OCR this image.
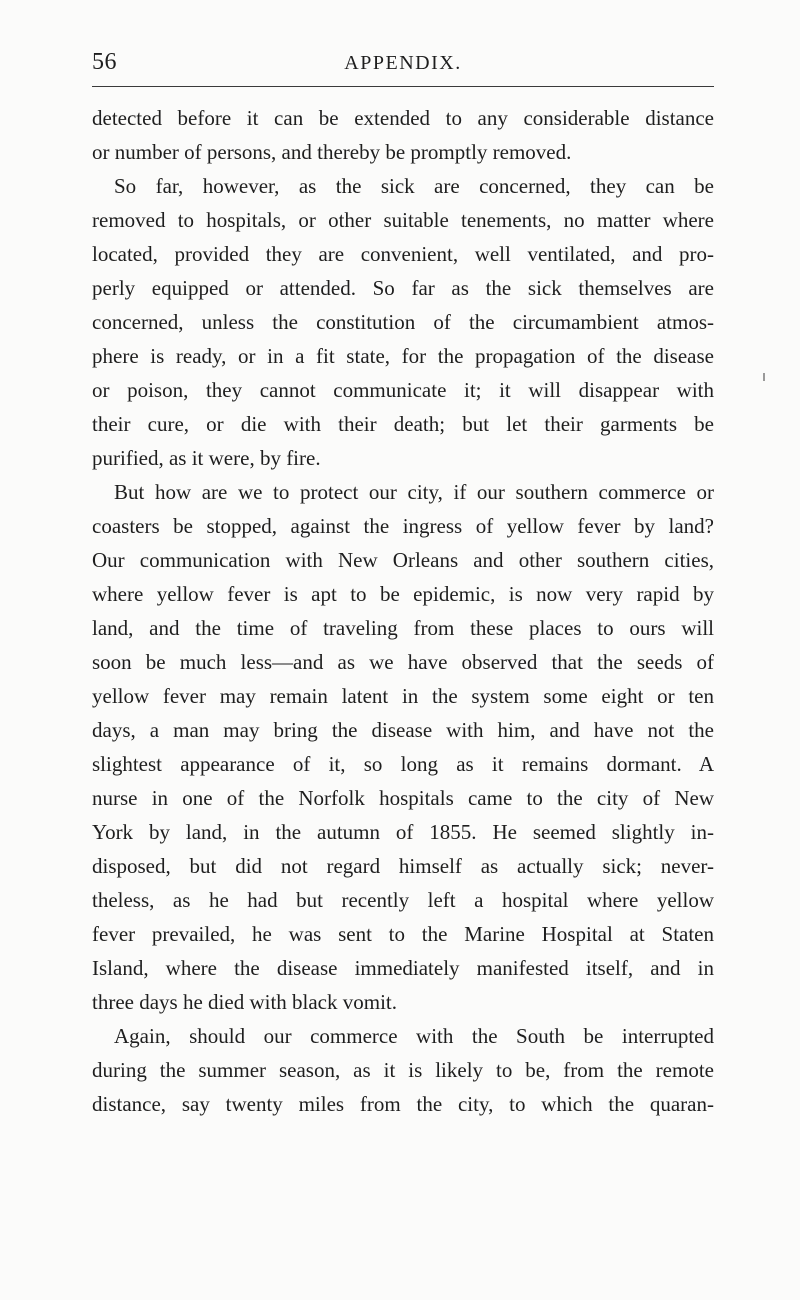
56	APPENDIX.
detected before it can be extended to any considerable distance
or number of persons, and thereby be promptly removed.
So far, however, as the sick are concerned, they can be
removed to hospitals, or other suitable tenements, no matter where
located, provided they are convenient, well ventilated, and pro-
perly equipped or attended. So far as the sick themselves are
concerned, unless the constitution of the circumambient atmos-
phere is ready, or in a fit state, for the propagation of the disease
or poison, they cannot communicate it; it will disappear with
their cure, or die with their death; but let their garments be
purified, as it were, by fire.
But how are we to protect our city, if our southern commerce or
coasters be stopped, against the ingress of yellow fever by land?
Our communication with New Orleans and other southern cities,
where yellow fever is apt to be epidemic, is now very rapid by
land, and the time of traveling from these places to ours will
soon be much less—and as we have observed that the seeds of
yellow fever may remain latent in the system some eight or ten
days, a man may bring the disease with him, and have not the
slightest appearance of it, so long as it remains dormant. A
nurse in one of the Norfolk hospitals came to the city of New
York by land, in the autumn of 1855. He seemed slightly in-
disposed, but did not regard himself as actually sick; never-
theless, as he had but recently left a hospital where yellow
fever prevailed, he was sent to the Marine Hospital at Staten
Island, where the disease immediately manifested itself, and in
three days he died with black vomit.
Again, should our commerce with the South be interrupted
during the summer season, as it is likely to be, from the remote
distance, say twenty miles from the city, to which the quaran-
